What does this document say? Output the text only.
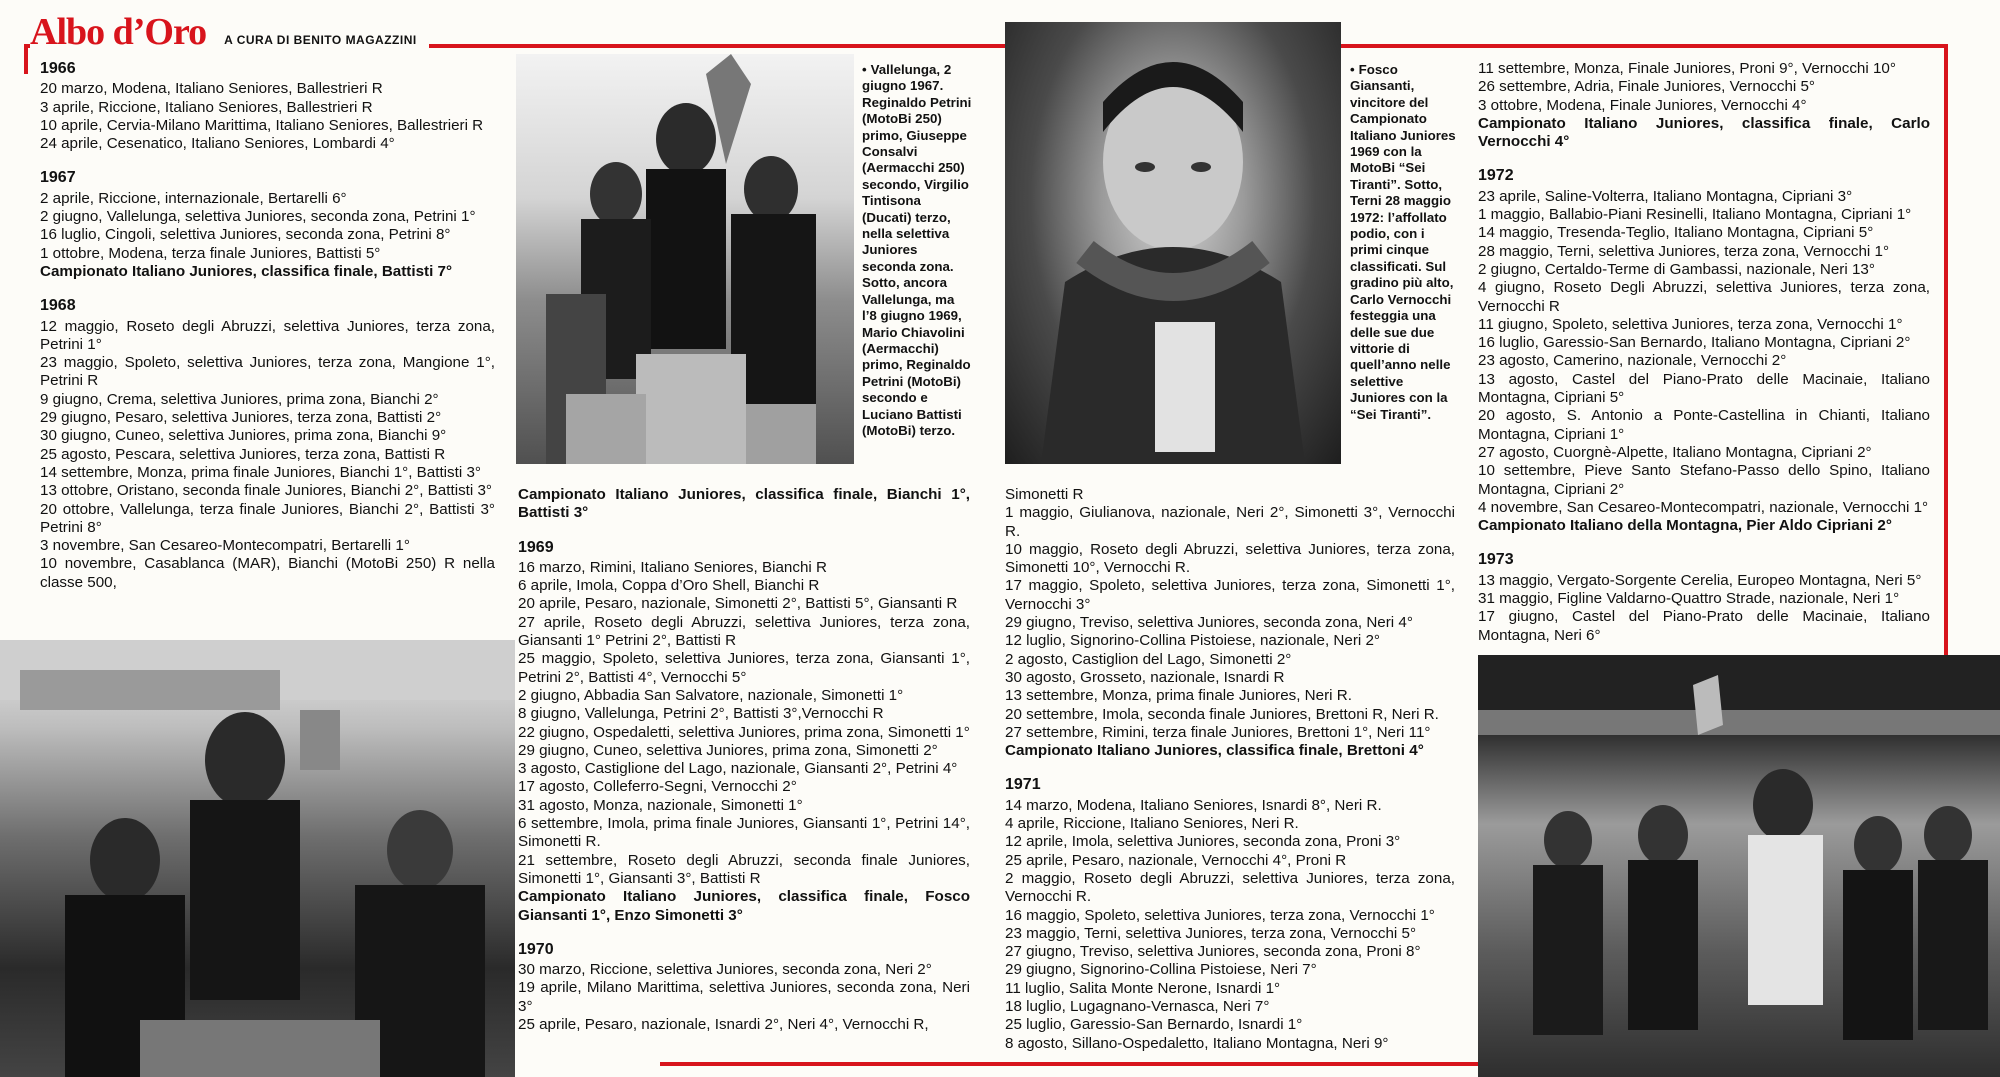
Albo d’Oro A CURA DI BENITO MAGAZZINI

1966

20 marzo, Modena, Italiano Seniores, Ballestrieri R

3 aprile, Riccione, Italiano Seniores, Ballestrieri R

10 aprile, Cervia-Milano Marittima, Italiano Seniores, Ballestrieri R

24 aprile, Cesenatico, Italiano Seniores, Lombardi 4°

1967

2 aprile, Riccione, internazionale, Bertarelli 6°

2 giugno, Vallelunga, selettiva Juniores, seconda zona, Petrini 1°

16 luglio, Cingoli, selettiva Juniores, seconda zona, Petrini 8°

1 ottobre, Modena, terza finale Juniores, Battisti 5°

Campionato Italiano Juniores, classifica finale, Battisti 7°

1968

12 maggio, Roseto degli Abruzzi, selettiva Juniores, terza zona, Petrini 1°

23 maggio, Spoleto, selettiva Juniores, terza zona, Mangione 1°, Petrini R

9 giugno, Crema, selettiva Juniores, prima zona, Bianchi 2°

29 giugno, Pesaro, selettiva Juniores, terza zona, Battisti 2°

30 giugno, Cuneo, selettiva Juniores, prima zona, Bianchi 9°

25 agosto, Pescara, selettiva Juniores, terza zona, Battisti R

14 settembre, Monza, prima finale Juniores, Bianchi 1°, Battisti 3°

13 ottobre, Oristano, seconda finale Juniores, Bianchi 2°, Battisti 3°

20 ottobre, Vallelunga, terza finale Juniores, Bianchi 2°, Battisti 3° Petrini 8°

3 novembre, San Cesareo-Montecompatri, Bertarelli 1°

10 novembre, Casablanca (MAR), Bianchi (MotoBi 250) R nella classe 500,

• Vallelunga, 2 giugno 1967. Reginaldo Petrini (MotoBi 250) primo, Giuseppe Consalvi (Aermacchi 250) secondo, Virgilio Tintisona (Ducati) terzo, nella selettiva Juniores seconda zona. Sotto, ancora Vallelunga, ma l’8 giugno 1969, Mario Chiavolini (Aermacchi) primo, Reginaldo Petrini (MotoBi) secondo e Luciano Battisti (MotoBi) terzo.
• Fosco Giansanti, vincitore del Campionato Italiano Juniores 1969 con la MotoBi “Sei Tiranti”. Sotto, Terni 28 maggio 1972: l’affollato podio, con i primi cinque classificati. Sul gradino più alto, Carlo Vernocchi festeggia una delle sue due vittorie di quell’anno nelle selettive Juniores con la “Sei Tiranti”.

Campionato Italiano Juniores, classifica finale, Bianchi 1°, Battisti 3°

1969

16 marzo, Rimini, Italiano Seniores, Bianchi R

6 aprile, Imola, Coppa d’Oro Shell, Bianchi R

20 aprile, Pesaro, nazionale, Simonetti 2°, Battisti 5°, Giansanti R

27 aprile, Roseto degli Abruzzi, selettiva Juniores, terza zona, Giansanti 1° Petrini 2°, Battisti R

25 maggio, Spoleto, selettiva Juniores, terza zona, Giansanti 1°, Petrini 2°, Battisti 4°, Vernocchi 5°

2 giugno, Abbadia San Salvatore, nazionale, Simonetti 1°

8 giugno, Vallelunga, Petrini 2°, Battisti 3°,Vernocchi R

22 giugno, Ospedaletti, selettiva Juniores, prima zona, Simonetti 1°

29 giugno, Cuneo, selettiva Juniores, prima zona, Simonetti 2°

3 agosto, Castiglione del Lago, nazionale, Giansanti 2°, Petrini 4°

17 agosto, Colleferro-Segni, Vernocchi 2°

31 agosto, Monza, nazionale, Simonetti 1°

6 settembre, Imola, prima finale Juniores, Giansanti 1°, Petrini 14°, Simonetti R.

21 settembre, Roseto degli Abruzzi, seconda finale Juniores, Simonetti 1°, Giansanti 3°, Battisti R

Campionato Italiano Juniores, classifica finale, Fosco Giansanti 1°, Enzo Simonetti 3°

1970

30 marzo, Riccione, selettiva Juniores, seconda zona, Neri 2°

19 aprile, Milano Marittima, selettiva Juniores, seconda zona, Neri 3°

25 aprile, Pesaro, nazionale, Isnardi 2°, Neri 4°, Vernocchi R,

Simonetti R

1 maggio, Giulianova, nazionale, Neri 2°, Simonetti 3°, Vernocchi R.

10 maggio, Roseto degli Abruzzi, selettiva Juniores, terza zona, Simonetti 10°, Vernocchi R.

17 maggio, Spoleto, selettiva Juniores, terza zona, Simonetti 1°, Vernocchi 3°

29 giugno, Treviso, selettiva Juniores, seconda zona, Neri 4°

12 luglio, Signorino-Collina Pistoiese, nazionale, Neri 2°

2 agosto, Castiglion del Lago, Simonetti 2°

30 agosto, Grosseto, nazionale, Isnardi R

13 settembre, Monza, prima finale Juniores, Neri R.

20 settembre, Imola, seconda finale Juniores, Brettoni R, Neri R.

27 settembre, Rimini, terza finale Juniores, Brettoni 1°, Neri 11°

Campionato Italiano Juniores, classifica finale, Brettoni 4°

1971

14 marzo, Modena, Italiano Seniores, Isnardi 8°, Neri R.

4 aprile, Riccione, Italiano Seniores, Neri R.

12 aprile, Imola, selettiva Juniores, seconda zona, Proni 3°

25 aprile, Pesaro, nazionale, Vernocchi 4°, Proni R

2 maggio, Roseto degli Abruzzi, selettiva Juniores, terza zona, Vernocchi R.

16 maggio, Spoleto, selettiva Juniores, terza zona, Vernocchi 1°

23 maggio, Terni, selettiva Juniores, terza zona, Vernocchi 5°

27 giugno, Treviso, selettiva Juniores, seconda zona, Proni 8°

29 giugno, Signorino-Collina Pistoiese, Neri 7°

11 luglio, Salita Monte Nerone, Isnardi 1°

18 luglio, Lugagnano-Vernasca, Neri 7°

25 luglio, Garessio-San Bernardo, Isnardi 1°

8 agosto, Sillano-Ospedaletto, Italiano Montagna, Neri 9°

11 settembre, Monza, Finale Juniores, Proni 9°, Vernocchi 10°

26 settembre, Adria, Finale Juniores, Vernocchi 5°

3 ottobre, Modena, Finale Juniores, Vernocchi 4°

Campionato Italiano Juniores, classifica finale, Carlo Vernocchi 4°

1972

23 aprile, Saline-Volterra, Italiano Montagna, Cipriani 3°

1 maggio, Ballabio-Piani Resinelli, Italiano Montagna, Cipriani 1°

14 maggio, Tresenda-Teglio, Italiano Montagna, Cipriani 5°

28 maggio, Terni, selettiva Juniores, terza zona, Vernocchi 1°

2 giugno, Certaldo-Terme di Gambassi, nazionale, Neri 13°

4 giugno, Roseto Degli Abruzzi, selettiva Juniores, terza zona, Vernocchi R

11 giugno, Spoleto, selettiva Juniores, terza zona, Vernocchi 1°

16 luglio, Garessio-San Bernardo, Italiano Montagna, Cipriani 2°

23 agosto, Camerino, nazionale, Vernocchi 2°

13 agosto, Castel del Piano-Prato delle Macinaie, Italiano Montagna, Cipriani 5°

20 agosto, S. Antonio a Ponte-Castellina in Chianti, Italiano Montagna, Cipriani 1°

27 agosto, Cuorgnè-Alpette, Italiano Montagna, Cipriani 2°

10 settembre, Pieve Santo Stefano-Passo dello Spino, Italiano Montagna, Cipriani 2°

4 novembre, San Cesareo-Montecompatri, nazionale, Vernocchi 1°

Campionato Italiano della Montagna, Pier Aldo Cipriani 2°

1973

13 maggio, Vergato-Sorgente Cerelia, Europeo Montagna, Neri 5°

31 maggio, Figline Valdarno-Quattro Strade, nazionale, Neri 1°

17 giugno, Castel del Piano-Prato delle Macinaie, Italiano Montagna, Neri 6°
